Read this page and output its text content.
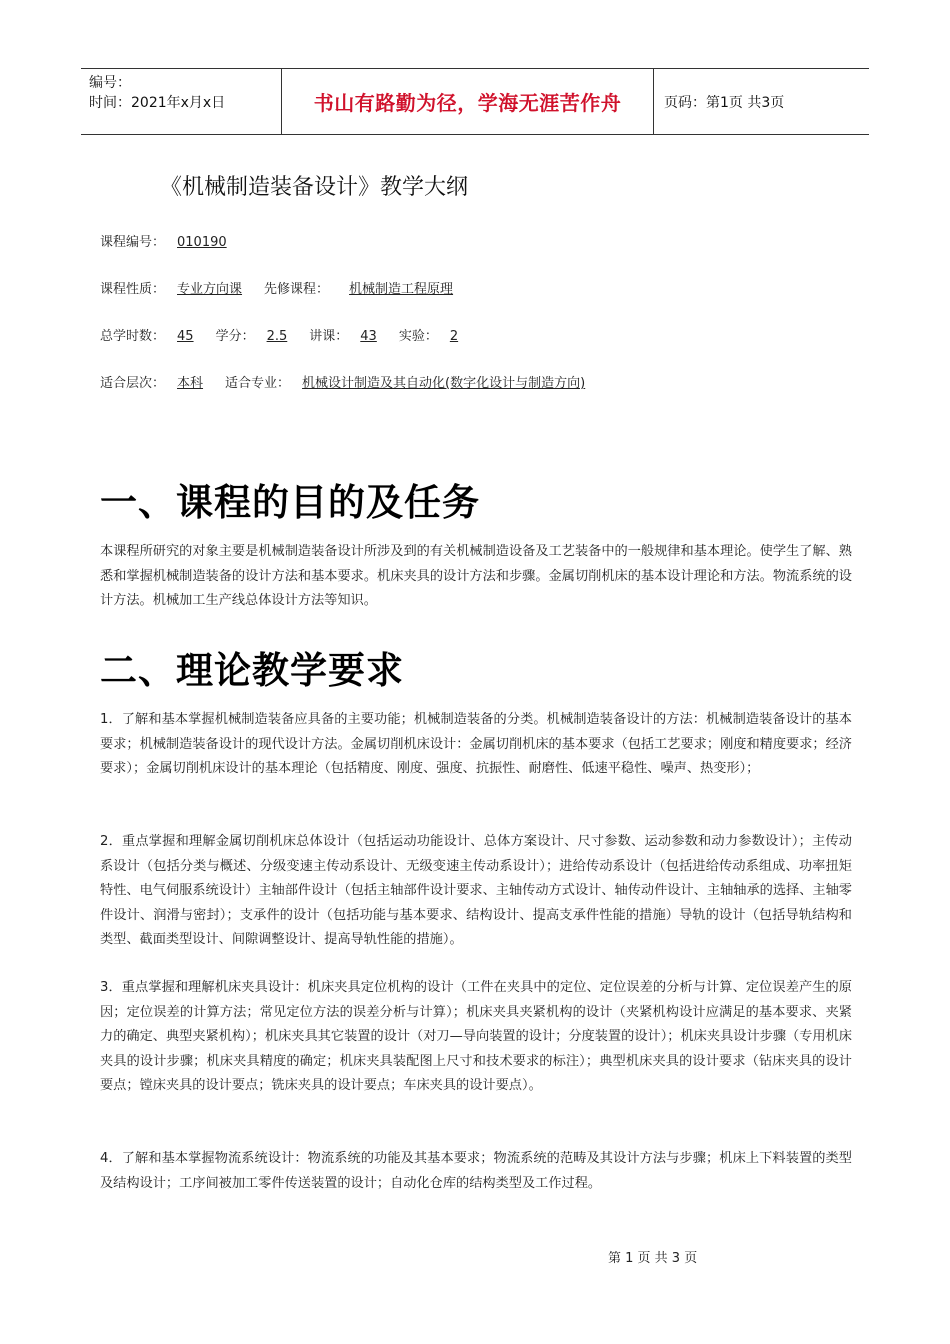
编号：
时间：2021年x月x日	书山有路勤为径，学海无涯苦作舟	页码：第1页 共3页
《机械制造装备设计》教学大纲
课程编号： 010190
课程性质： 专业方向课 先修课程： 机械制造工程原理
总学时数： 45 学分： 2.5 讲课： 43 实验： 2
适合层次： 本科 适合专业： 机械设计制造及其自动化(数字化设计与制造方向)
一、课程的目的及任务

本课程所研究的对象主要是机械制造装备设计所涉及到的有关机械制造设备及工艺装备中的一般规律和基本理论。使学生了解、熟悉和掌握机械制造装备的设计方法和基本要求。机床夹具的设计方法和步骤。金属切削机床的基本设计理论和方法。物流系统的设计方法。机械加工生产线总体设计方法等知识。

二、理论教学要求

1．了解和基本掌握机械制造装备应具备的主要功能；机械制造装备的分类。机械制造装备设计的方法：机械制造装备设计的基本要求；机械制造装备设计的现代设计方法。金属切削机床设计：金属切削机床的基本要求（包括工艺要求；刚度和精度要求；经济要求）；金属切削机床设计的基本理论（包括精度、刚度、强度、抗振性、耐磨性、低速平稳性、噪声、热变形）；

2．重点掌握和理解金属切削机床总体设计（包括运动功能设计、总体方案设计、尺寸参数、运动参数和动力参数设计）；主传动系设计（包括分类与概述、分级变速主传动系设计、无级变速主传动系设计）；进给传动系设计（包括进给传动系组成、功率扭矩特性、电气伺服系统设计）主轴部件设计（包括主轴部件设计要求、主轴传动方式设计、轴传动件设计、主轴轴承的选择、主轴零件设计、润滑与密封）；支承件的设计（包括功能与基本要求、结构设计、提高支承件性能的措施）导轨的设计（包括导轨结构和类型、截面类型设计、间隙调整设计、提高导轨性能的措施）。

3．重点掌握和理解机床夹具设计：机床夹具定位机构的设计（工件在夹具中的定位、定位误差的分析与计算、定位误差产生的原因；定位误差的计算方法；常见定位方法的误差分析与计算）；机床夹具夹紧机构的设计（夹紧机构设计应满足的基本要求、夹紧力的确定、典型夹紧机构）；机床夹具其它装置的设计（对刀—导向装置的设计；分度装置的设计）；机床夹具设计步骤（专用机床夹具的设计步骤；机床夹具精度的确定；机床夹具装配图上尺寸和技术要求的标注）；典型机床夹具的设计要求（钻床夹具的设计要点；镗床夹具的设计要点；铣床夹具的设计要点；车床夹具的设计要点）。

4．了解和基本掌握物流系统设计：物流系统的功能及其基本要求；物流系统的范畴及其设计方法与步骤；机床上下料装置的类型及结构设计；工序间被加工零件传送装置的设计；自动化仓库的结构类型及工作过程。

第 1 页 共 3 页
